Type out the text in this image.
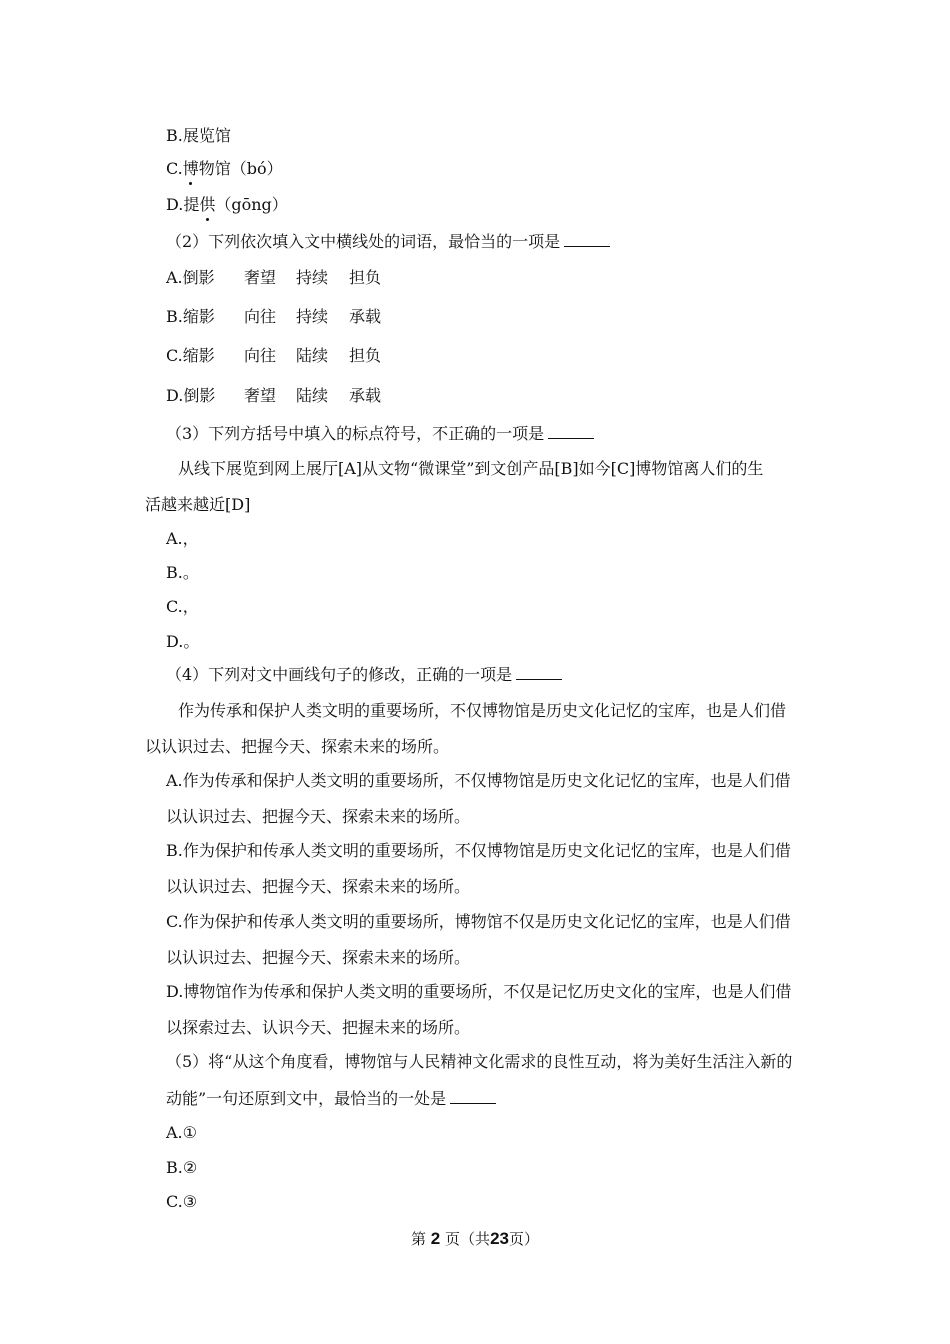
B.展览馆
C.博物馆（bó）
D.提供（gōng）
（2）下列依次填入文中横线处的词语，最恰当的一项是
A.倒影 奢望 持续 担负
B.缩影 向往 持续 承载
C.缩影 向往 陆续 担负
D.倒影 奢望 陆续 承载
（3）下列方括号中填入的标点符号，不正确的一项是
从线下展览到网上展厅[A]从文物“微课堂”到文创产品[B]如今[C]博物馆离人们的生
活越来越近[D]
A.，
B.。
C.，
D.。
（4）下列对文中画线句子的修改，正确的一项是
作为传承和保护人类文明的重要场所，不仅博物馆是历史文化记忆的宝库，也是人们借
以认识过去、把握今天、探索未来的场所。
A.作为传承和保护人类文明的重要场所，不仅博物馆是历史文化记忆的宝库，也是人们借
以认识过去、把握今天、探索未来的场所。
B.作为保护和传承人类文明的重要场所，不仅博物馆是历史文化记忆的宝库，也是人们借
以认识过去、把握今天、探索未来的场所。
C.作为保护和传承人类文明的重要场所，博物馆不仅是历史文化记忆的宝库，也是人们借
以认识过去、把握今天、探索未来的场所。
D.博物馆作为传承和保护人类文明的重要场所，不仅是记忆历史文化的宝库，也是人们借
以探索过去、认识今天、把握未来的场所。
（5）将“从这个角度看，博物馆与人民精神文化需求的良性互动，将为美好生活注入新的
动能”一句还原到文中，最恰当的一处是
A.①
B.②
C.③
第 2 页（共23页）
